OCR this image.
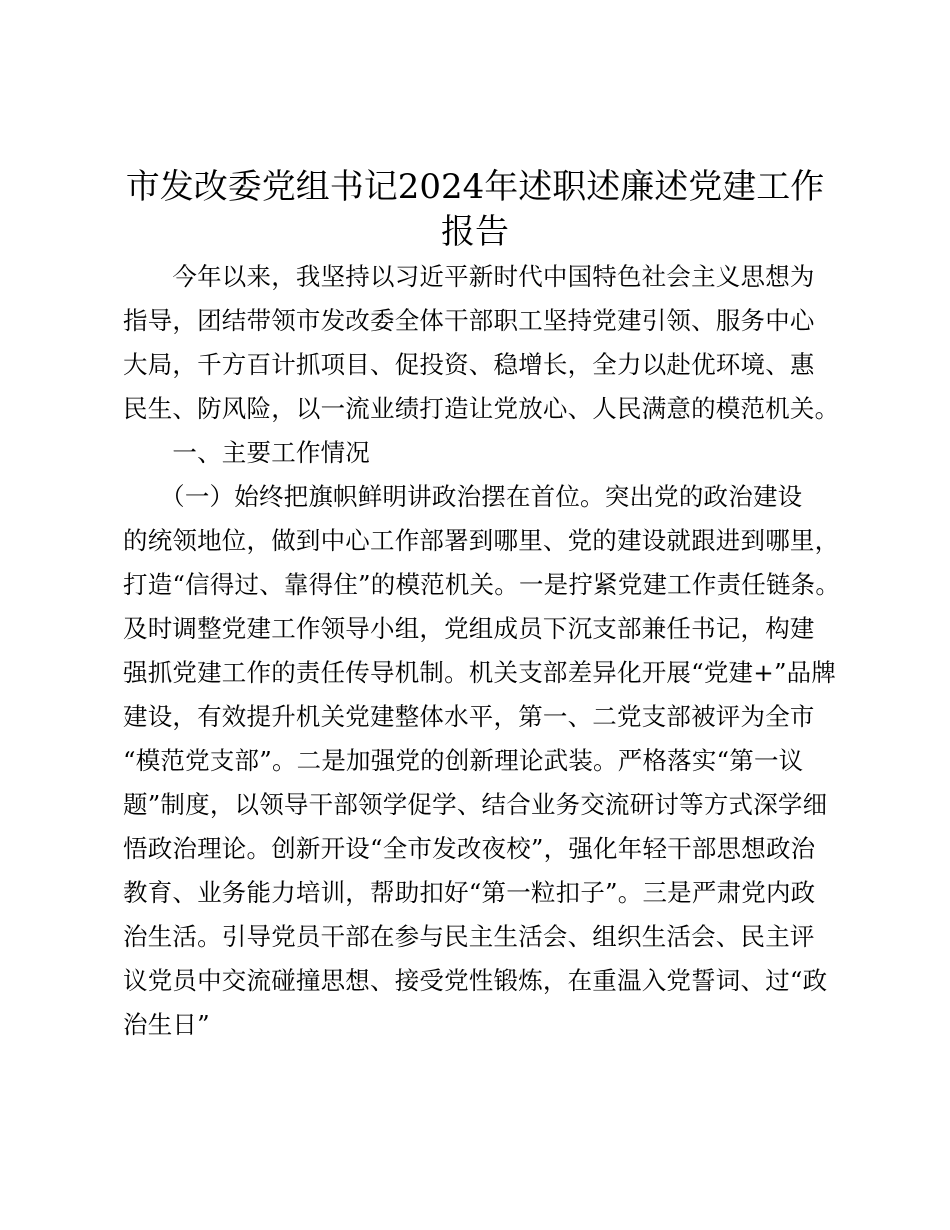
市发改委党组书记2024年述职述廉述党建工作
报告

　　今年以来，我坚持以习近平新时代中国特色社会主义思想为

指导，团结带领市发改委全体干部职工坚持党建引领、服务中心

大局，千方百计抓项目、促投资、稳增长，全力以赴优环境、惠

民生、防风险，以一流业绩打造让党放心、人民满意的模范机关。

　　一、主要工作情况

　　（一）始终把旗帜鲜明讲政治摆在首位。突出党的政治建设

的统领地位，做到中心工作部署到哪里、党的建设就跟进到哪里，

打造“信得过、靠得住”的模范机关。一是拧紧党建工作责任链条。

及时调整党建工作领导小组，党组成员下沉支部兼任书记，构建

强抓党建工作的责任传导机制。机关支部差异化开展“党建+”品牌

建设，有效提升机关党建整体水平，第一、二党支部被评为全市

“模范党支部”。二是加强党的创新理论武装。严格落实“第一议

题”制度，以领导干部领学促学、结合业务交流研讨等方式深学细

悟政治理论。创新开设“全市发改夜校”，强化年轻干部思想政治

教育、业务能力培训，帮助扣好“第一粒扣子”。三是严肃党内政

治生活。引导党员干部在参与民主生活会、组织生活会、民主评

议党员中交流碰撞思想、接受党性锻炼，在重温入党誓词、过“政

治生日”
